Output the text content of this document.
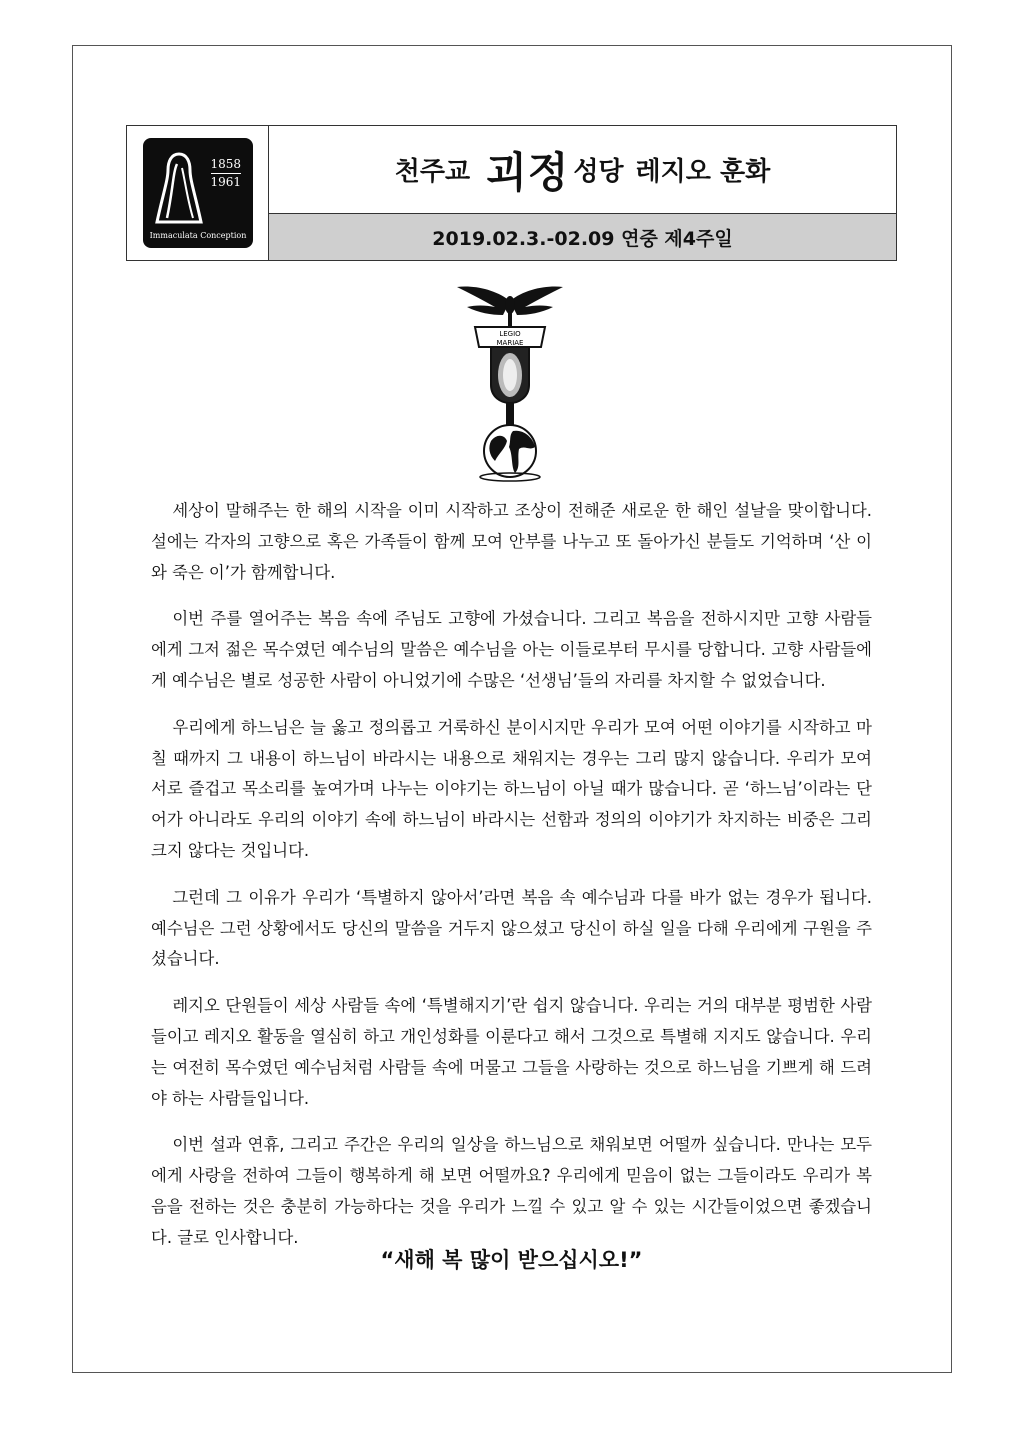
1858
1961
Immaculata Conception
천주교 괴정 성당 레지오 훈화
2019.02.3.-02.09 연중 제4주일
LEGIO
MARIAE

세상이 말해주는 한 해의 시작을 이미 시작하고 조상이 전해준 새로운 한 해인 설날을 맞이합니다. 설에는 각자의 고향으로 혹은 가족들이 함께 모여 안부를 나누고 또 돌아가신 분들도 기억하며 ‘산 이와 죽은 이’가 함께합니다.

이번 주를 열어주는 복음 속에 주님도 고향에 가셨습니다. 그리고 복음을 전하시지만 고향 사람들에게 그저 젊은 목수였던 예수님의 말씀은 예수님을 아는 이들로부터 무시를 당합니다. 고향 사람들에게 예수님은 별로 성공한 사람이 아니었기에 수많은 ‘선생님’들의 자리를 차지할 수 없었습니다.

우리에게 하느님은 늘 옳고 정의롭고 거룩하신 분이시지만 우리가 모여 어떤 이야기를 시작하고 마칠 때까지 그 내용이 하느님이 바라시는 내용으로 채워지는 경우는 그리 많지 않습니다. 우리가 모여 서로 즐겁고 목소리를 높여가며 나누는 이야기는 하느님이 아닐 때가 많습니다. 곧 ‘하느님’이라는 단어가 아니라도 우리의 이야기 속에 하느님이 바라시는 선함과 정의의 이야기가 차지하는 비중은 그리 크지 않다는 것입니다.

그런데 그 이유가 우리가 ‘특별하지 않아서’라면 복음 속 예수님과 다를 바가 없는 경우가 됩니다. 예수님은 그런 상황에서도 당신의 말씀을 거두지 않으셨고 당신이 하실 일을 다해 우리에게 구원을 주셨습니다.

레지오 단원들이 세상 사람들 속에 ‘특별해지기’란 쉽지 않습니다. 우리는 거의 대부분 평범한 사람들이고 레지오 활동을 열심히 하고 개인성화를 이룬다고 해서 그것으로 특별해 지지도 않습니다. 우리는 여전히 목수였던 예수님처럼 사람들 속에 머물고 그들을 사랑하는 것으로 하느님을 기쁘게 해 드려야 하는 사람들입니다.

이번 설과 연휴, 그리고 주간은 우리의 일상을 하느님으로 채워보면 어떨까 싶습니다. 만나는 모두에게 사랑을 전하여 그들이 행복하게 해 보면 어떨까요? 우리에게 믿음이 없는 그들이라도 우리가 복음을 전하는 것은 충분히 가능하다는 것을 우리가 느낄 수 있고 알 수 있는 시간들이었으면 좋겠습니다. 글로 인사합니다.

“새해 복 많이 받으십시오!”
